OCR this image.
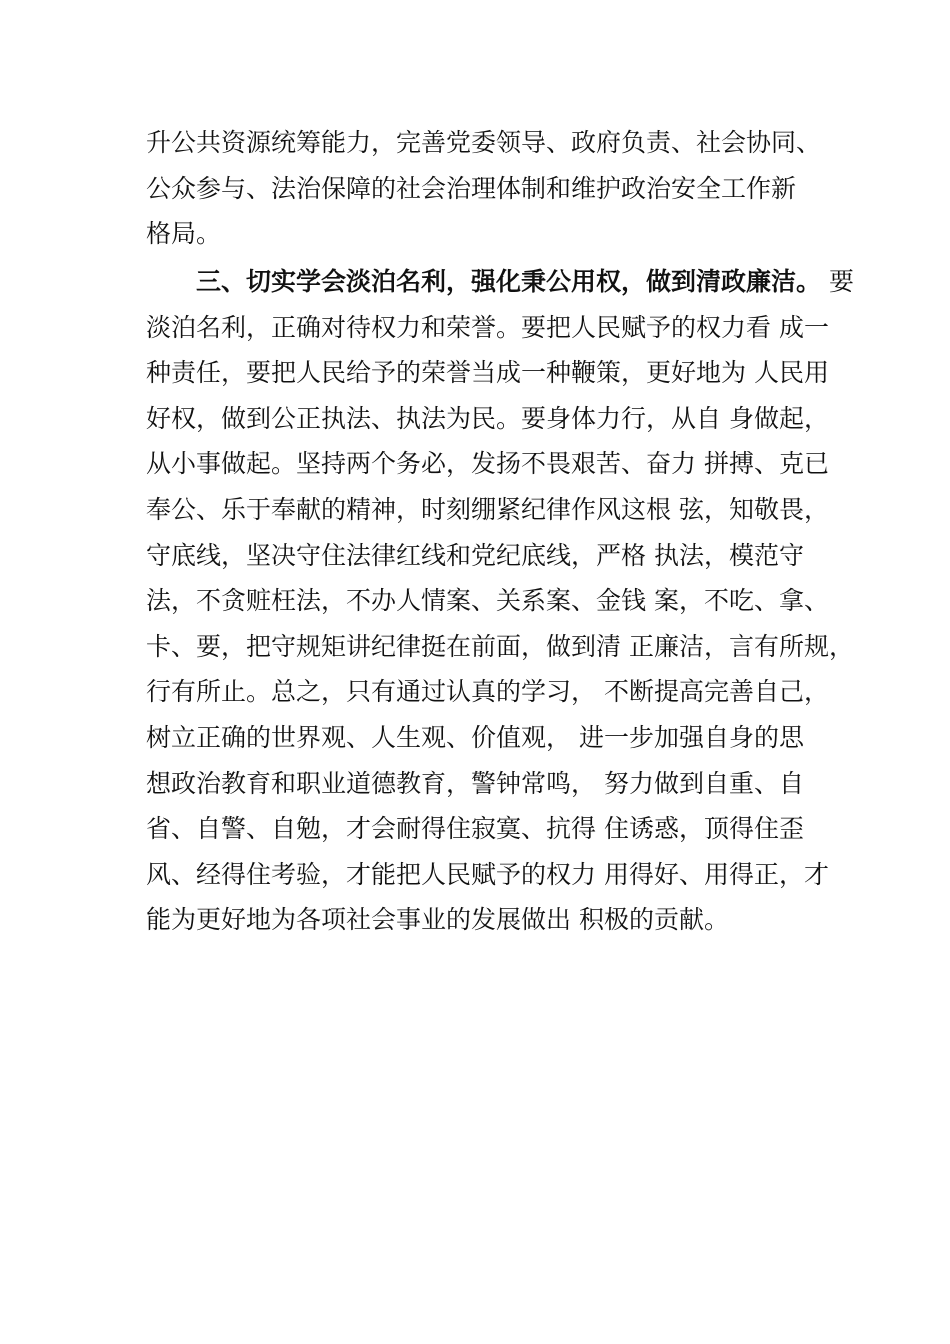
升公共资源统筹能力，完善党委领导、政府负责、社会协同、
公众参与、法治保障的社会治理体制和维护政治安全工作新
格局。
三、切实学会淡泊名利，强化秉公用权，做到清政廉洁。 要
淡泊名利，正确对待权力和荣誉。要把人民赋予的权力看 成一
种责任，要把人民给予的荣誉当成一种鞭策，更好地为 人民用
好权，做到公正执法、执法为民。要身体力行，从自 身做起，
从小事做起。坚持两个务必，发扬不畏艰苦、奋力 拼搏、克已
奉公、乐于奉献的精神，时刻绷紧纪律作风这根 弦，知敬畏，
守底线，坚决守住法律红线和党纪底线，严格 执法，模范守
法，不贪赃枉法，不办人情案、关系案、金钱 案，不吃、拿、
卡、要，把守规矩讲纪律挺在前面，做到清 正廉洁，言有所规，
行有所止。总之，只有通过认真的学习， 不断提高完善自己，
树立正确的世界观、人生观、价值观， 进一步加强自身的思
想政治教育和职业道德教育，警钟常鸣， 努力做到自重、自
省、自警、自勉，才会耐得住寂寞、抗得 住诱惑，顶得住歪
风、经得住考验，才能把人民赋予的权力 用得好、用得正，才
能为更好地为各项社会事业的发展做出 积极的贡献。
